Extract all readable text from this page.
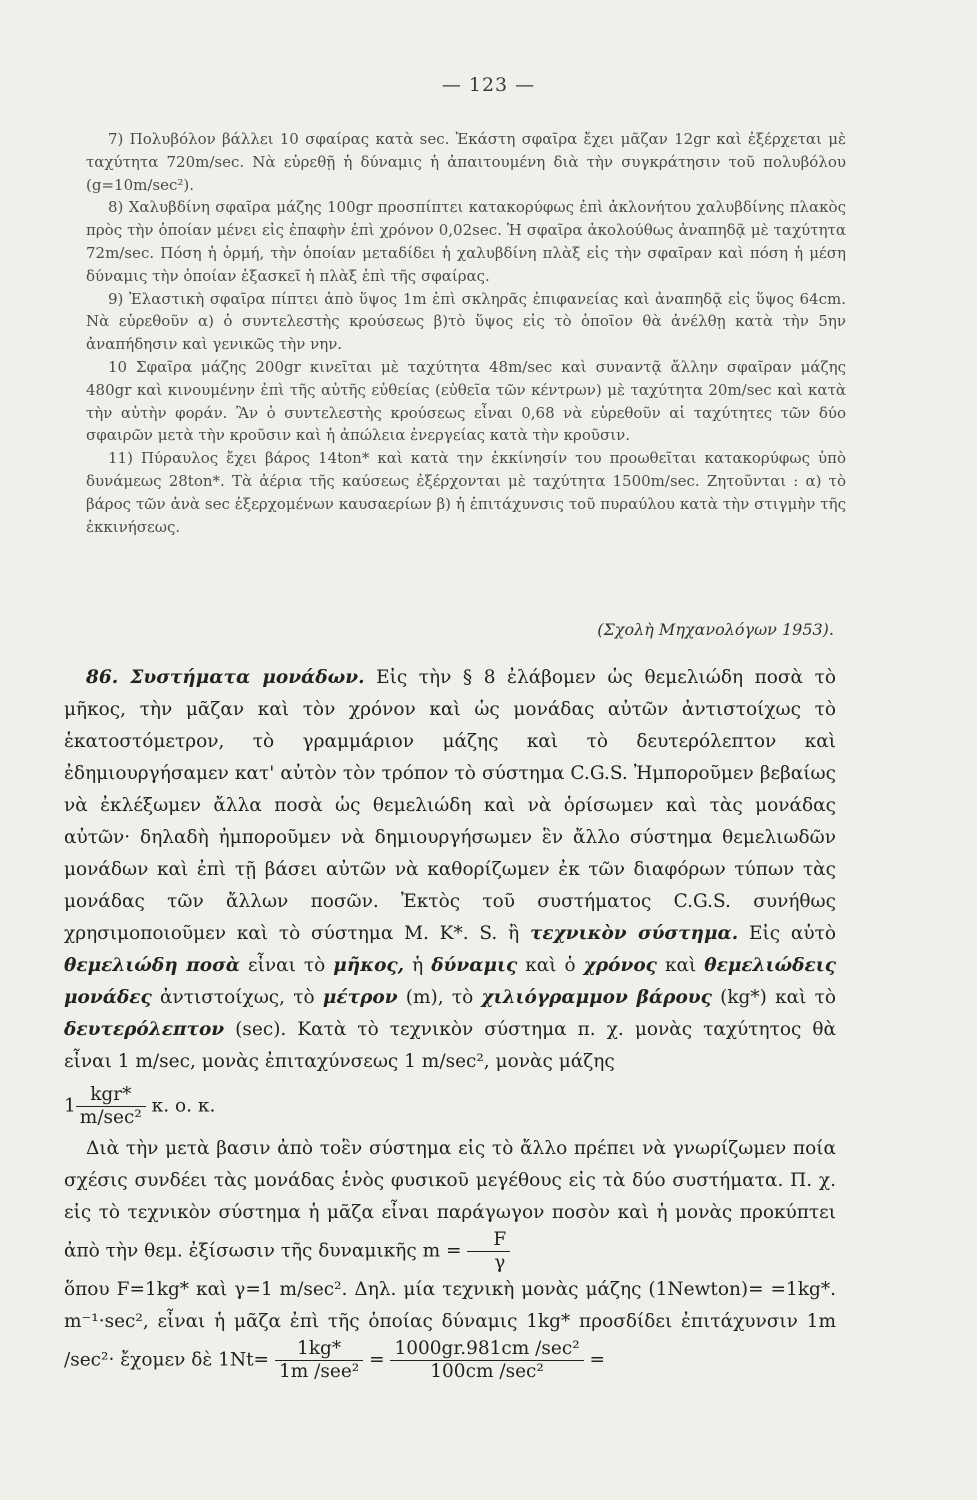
— 123 —

7) Πολυβόλον βάλλει 10 σφαίρας κατὰ sec. Ἑκάστη σφαῖρα ἔχει μᾶζαν 12gr καὶ ἐξέρχεται μὲ ταχύτητα 720m/sec. Νὰ εὑρεθῇ ἡ δύναμις ἡ ἀπαιτουμένη διὰ τὴν συγκράτησιν τοῦ πολυβόλου (g=10m/sec²).

8) Χαλυβδίνη σφαῖρα μάζης 100gr προσπίπτει κατακορύφως ἐπὶ ἀκλονήτου χαλυβδίνης πλακὸς πρὸς τὴν ὁποίαν μένει εἰς ἐπαφὴν ἐπὶ χρόνον 0,02sec. Ἡ σφαῖρα ἀκολούθως ἀναπηδᾷ μὲ ταχύτητα 72m/sec. Πόση ἡ ὁρμή, τὴν ὁποίαν μεταδίδει ἡ χαλυβδίνη πλὰξ εἰς τὴν σφαῖραν καὶ πόση ἡ μέση δύναμις τὴν ὁποίαν ἐξασκεῖ ἡ πλὰξ ἐπὶ τῆς σφαίρας.

9) Ἐλαστικὴ σφαῖρα πίπτει ἀπὸ ὕψος 1m ἐπὶ σκληρᾶς ἐπιφανείας καὶ ἀναπηδᾷ εἰς ὕψος 64cm. Νὰ εὑρεθοῦν α) ὁ συντελεστὴς κρούσεως β)τὸ ὕψος εἰς τὸ ὁποῖον θὰ ἀνέλθῃ κατὰ τὴν 5ην ἀναπήδησιν καὶ γενικῶς τὴν νην.

10 Σφαῖρα μάζης 200gr κινεῖται μὲ ταχύτητα 48m/sec καὶ συναντᾷ ἄλλην σφαῖραν μάζης 480gr καὶ κινουμένην ἐπὶ τῆς αὐτῆς εὐθείας (εὐθεῖα τῶν κέντρων) μὲ ταχύτητα 20m/sec καὶ κατὰ τὴν αὐτὴν φοράν. Ἂν ὁ συντελεστὴς κρούσεως εἶναι 0,68 νὰ εὑρεθοῦν αἱ ταχύτητες τῶν δύο σφαιρῶν μετὰ τὴν κροῦσιν καὶ ἡ ἀπώλεια ἐνεργείας κατὰ τὴν κροῦσιν.

11) Πύραυλος ἔχει βάρος 14ton* καὶ κατὰ την ἐκκίνησίν του προωθεῖται κατακορύφως ὑπὸ δυνάμεως 28ton*. Τὰ ἀέρια τῆς καύσεως ἐξέρχονται μὲ ταχύτητα 1500m/sec. Ζητοῦνται : α) τὸ βάρος τῶν ἀνὰ sec ἐξερχομένων καυσαερίων β) ἡ ἐπιτάχυνσις τοῦ πυραύλου κατὰ τὴν στιγμὴν τῆς ἐκκινήσεως.

(Σχολὴ Μηχανολόγων 1953).

86. Συστήματα μονάδων. Εἰς τὴν § 8 ἐλάβομεν ὡς θεμελιώδη ποσὰ τὸ μῆκος, τὴν μᾶζαν καὶ τὸν χρόνον καὶ ὡς μονάδας αὐτῶν ἀντιστοίχως τὸ ἑκατοστόμετρον, τὸ γραμμάριον μάζης καὶ τὸ δευτερόλεπτον καὶ ἐδημιουργήσαμεν κατ' αὐτὸν τὸν τρόπον τὸ σύστημα C.G.S. Ἠμποροῦμεν βεβαίως νὰ ἐκλέξωμεν ἄλλα ποσὰ ὡς θεμελιώδη καὶ νὰ ὁρίσωμεν καὶ τὰς μονάδας αὐτῶν· δηλαδὴ ἠμποροῦμεν νὰ δημιουργήσωμεν ἓν ἄλλο σύστημα θεμελιωδῶν μονάδων καὶ ἐπὶ τῇ βάσει αὐτῶν νὰ καθορίζωμεν ἐκ τῶν διαφόρων τύπων τὰς μονάδας τῶν ἄλλων ποσῶν. Ἐκτὸς τοῦ συστήματος C.G.S. συνήθως χρησιμοποιοῦμεν καὶ τὸ σύστημα Μ. Κ*. S. ἢ τεχνικὸν σύστημα. Εἰς αὐτὸ θεμελιώδη ποσὰ εἶναι τὸ μῆκος, ἡ δύναμις καὶ ὁ χρόνος καὶ θεμελιώδεις μονάδες ἀντιστοίχως, τὸ μέτρον (m), τὸ χιλιόγραμμον βάρους (kg*) καὶ τὸ δευτερόλεπτον (sec). Κατὰ τὸ τεχνικὸν σύστημα π. χ. μονὰς ταχύτητος θὰ εἶναι 1 m/sec, μονὰς ἐπιταχύνσεως 1 m/sec², μονὰς μάζης

$1 \frac{\text{kgr*}}{\text{m/sec²}} \kappa$. ο. κ.

Διὰ τὴν μετὰ βασιν ἀπὸ τοἓν σύστημα εἰς τὸ ἄλλο πρέπει νὰ γνωρίζωμεν ποία σχέσις συνδέει τὰς μονάδας ἑνὸς φυσικοῦ μεγέθους εἰς τὰ δύο συστήματα. Π. χ. εἰς τὸ τεχνικὸν σύστημα ἡ μᾶζα εἶναι παράγωγον ποσὸν καὶ ἡ μονὰς προκύπτει ἀπὸ τὴν θεμ. ἐξίσωσιν τῆς δυναμικῆς $m = \frac{F}{\gamma}$

ὅπου F=1kg* καὶ γ=1 m/sec². Δηλ. μία τεχνικὴ μονὰς μάζης (1Newton)= =1kg*. m⁻¹·sec², εἶναι ἡ μᾶζα ἐπὶ τῆς ὁποίας δύναμις 1kg* προσδίδει ἐπιτάχυνσιν 1m /sec²· ἔχομεν δὲ $1Nt= \frac{1kg*}{\text{1m /see²}} = \frac{\text{1000gr.981cm /sec²}}{\text{100cm /sec²}}$ =
